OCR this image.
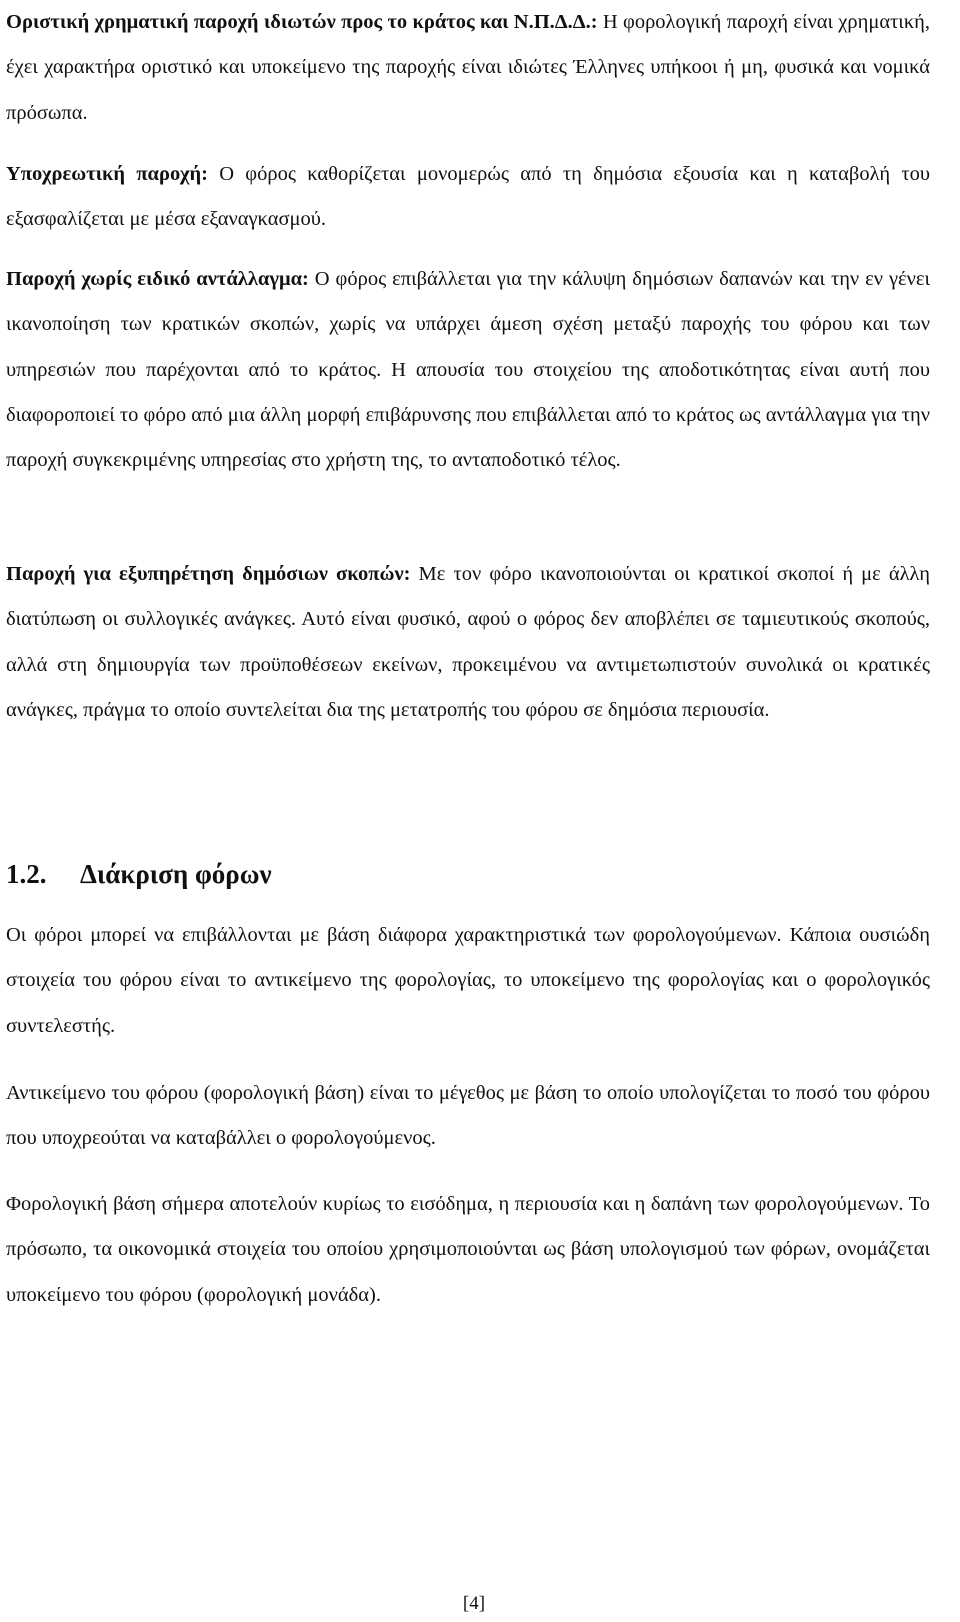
Οριστική χρηματική παροχή ιδιωτών προς το κράτος και Ν.Π.Δ.Δ.: Η φορολογική παροχή είναι χρηματική, έχει χαρακτήρα οριστικό και υποκείμενο της παροχής είναι ιδιώτες Έλληνες υπήκοοι ή μη, φυσικά και νομικά πρόσωπα.

Υποχρεωτική παροχή: Ο φόρος καθορίζεται μονομερώς από τη δημόσια εξουσία και η καταβολή του εξασφαλίζεται με μέσα εξαναγκασμού.

Παροχή χωρίς ειδικό αντάλλαγμα: Ο φόρος επιβάλλεται για την κάλυψη δημόσιων δαπανών και την εν γένει ικανοποίηση των κρατικών σκοπών, χωρίς να υπάρχει άμεση σχέση μεταξύ παροχής του φόρου και των υπηρεσιών που παρέχονται από το κράτος. Η απουσία του στοιχείου της αποδοτικότητας είναι αυτή που διαφοροποιεί το φόρο από μια άλλη μορφή επιβάρυνσης που επιβάλλεται από το κράτος ως αντάλλαγμα για την παροχή συγκεκριμένης υπηρεσίας στο χρήστη της, το ανταποδοτικό τέλος.

Παροχή για εξυπηρέτηση δημόσιων σκοπών: Με τον φόρο ικανοποιούνται οι κρατικοί σκοποί ή με άλλη διατύπωση οι συλλογικές ανάγκες. Αυτό είναι φυσικό, αφού ο φόρος δεν αποβλέπει σε ταμιευτικούς σκοπούς, αλλά στη δημιουργία των προϋποθέσεων εκείνων, προκειμένου να αντιμετωπιστούν συνολικά οι κρατικές ανάγκες, πράγμα το οποίο συντελείται δια της μετατροπής του φόρου σε δημόσια περιουσία.

1.2. Διάκριση φόρων

Οι φόροι μπορεί να επιβάλλονται με βάση διάφορα χαρακτηριστικά των φορολογούμενων. Κάποια ουσιώδη στοιχεία του φόρου είναι το αντικείμενο της φορολογίας, το υποκείμενο της φορολογίας και ο φορολογικός συντελεστής.

Αντικείμενο του φόρου (φορολογική βάση) είναι το μέγεθος με βάση το οποίο υπολογίζεται το ποσό του φόρου που υποχρεούται να καταβάλλει ο φορολογούμενος.

Φορολογική βάση σήμερα αποτελούν κυρίως το εισόδημα, η περιουσία και η δαπάνη των φορολογούμενων. Το πρόσωπο, τα οικονομικά στοιχεία του οποίου χρησιμοποιούνται ως βάση υπολογισμού των φόρων, ονομάζεται υποκείμενο του φόρου (φορολογική μονάδα).

[4]
